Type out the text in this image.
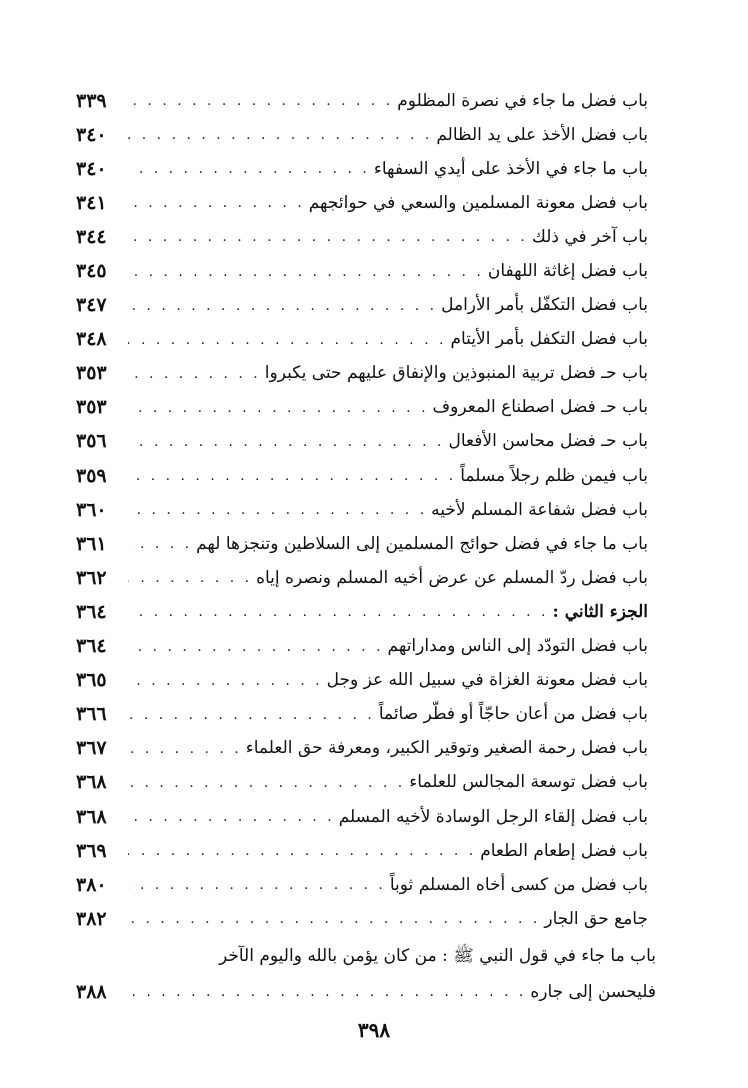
باب فضل ما جاء في نصرة المظلوم
. . .
٣٣٩
باب فضل الأخذ على يد الظالم
. . .
٣٤٠
باب ما جاء في الأخذ على أيدي السفهاء
. . .
٣٤٠
باب فضل معونة المسلمين والسعي في حوائجهم
. . .
٣٤١
باب آخر في ذلك
. . .
٣٤٤
باب فضل إغاثة اللهفان
. . .
٣٤٥
باب فضل التكفّل بأمر الأرامل
. . .
٣٤٧
باب فضل التكفل بأمر الأيتام
. . .
٣٤٨
باب حـ فضل تربية المنبوذين والإنفاق عليهم حتى يكبروا
. . .
٣٥٣
باب حـ فضل اصطناع المعروف
. . .
٣٥٣
باب حـ فضل محاسن الأفعال
. . .
٣٥٦
باب فيمن ظلم رجلاً مسلماً
. . .
٣٥٩
باب فضل شفاعة المسلم لأخيه
. . .
٣٦٠
باب ما جاء في فضل حوائج المسلمين إلى السلاطين وتنجزها لهم
. . .
٣٦١
باب فضل ردّ المسلم عن عرض أخيه المسلم ونصره إياه
. . .
٣٦٢
الجزء الثاني :
. . .
٣٦٤
باب فضل التودّد إلى الناس ومداراتهم
. . .
٣٦٤
باب فضل معونة الغزاة في سبيل الله عز وجل
. . .
٣٦٥
باب فضل من أعان حاجّاً أو فطّر صائماً
. . .
٣٦٦
باب فضل رحمة الصغير وتوقير الكبير، ومعرفة حق العلماء
. . .
٣٦٧
باب فضل توسعة المجالس للعلماء
. . .
٣٦٨
باب فضل إلقاء الرجل الوسادة لأخيه المسلم
. . .
٣٦٨
باب فضل إطعام الطعام
. . .
٣٦٩
باب فضل من كسى أخاه المسلم ثوباً
. . .
٣٨٠
جامع حق الجار
. . .
٣٨٢
باب ما جاء في قول النبي ﷺ : من كان يؤمن بالله واليوم الآخر
فليحسن إلى جاره
. . .
٣٨٨
٣٩٨
